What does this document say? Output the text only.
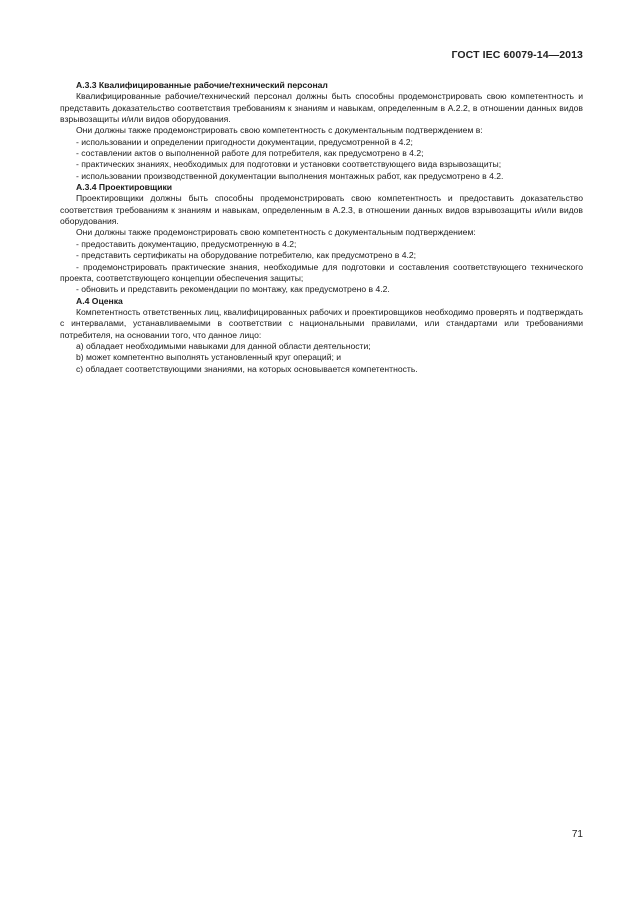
ГОСТ IEC 60079-14—2013

А.3.3 Квалифицированные рабочие/технический персонал

Квалифицированные рабочие/технический персонал должны быть способны продемонстрировать свою компетентность и представить доказательство соответствия требованиям к знаниям и навыкам, определенным в А.2.2, в отношении данных видов взрывозащиты и/или видов оборудования.

Они должны также продемонстрировать свою компетентность с документальным подтверждением в:

- использовании и определении пригодности документации, предусмотренной в 4.2;

- составлении актов о выполненной работе для потребителя, как предусмотрено в 4.2;

- практических знаниях, необходимых для подготовки и установки соответствующего вида взрывозащиты;

- использовании производственной документации выполнения монтажных работ, как предусмотрено в 4.2.

А.3.4 Проектировщики

Проектировщики должны быть способны продемонстрировать свою компетентность и предоставить доказательство соответствия требованиям к знаниям и навыкам, определенным в А.2.3, в отношении данных видов взрывозащиты и/или видов оборудования.

Они должны также продемонстрировать свою компетентность с документальным подтверждением:

- предоставить документацию, предусмотренную в 4.2;

- представить сертификаты на оборудование потребителю, как предусмотрено в 4.2;

- продемонстрировать практические знания, необходимые для подготовки и составления соответствующего технического проекта, соответствующего концепции обеспечения защиты;

- обновить и представить рекомендации по монтажу, как предусмотрено в 4.2.

А.4 Оценка

Компетентность ответственных лиц, квалифицированных рабочих и проектировщиков необходимо проверять и подтверждать с интервалами, устанавливаемыми в соответствии с национальными правилами, или стандартами или требованиями потребителя, на основании того, что данное лицо:

а) обладает необходимыми навыками для данной области деятельности;

b) может компетентно выполнять установленный круг операций; и

с) обладает соответствующими знаниями, на которых основывается компетентность.

71
